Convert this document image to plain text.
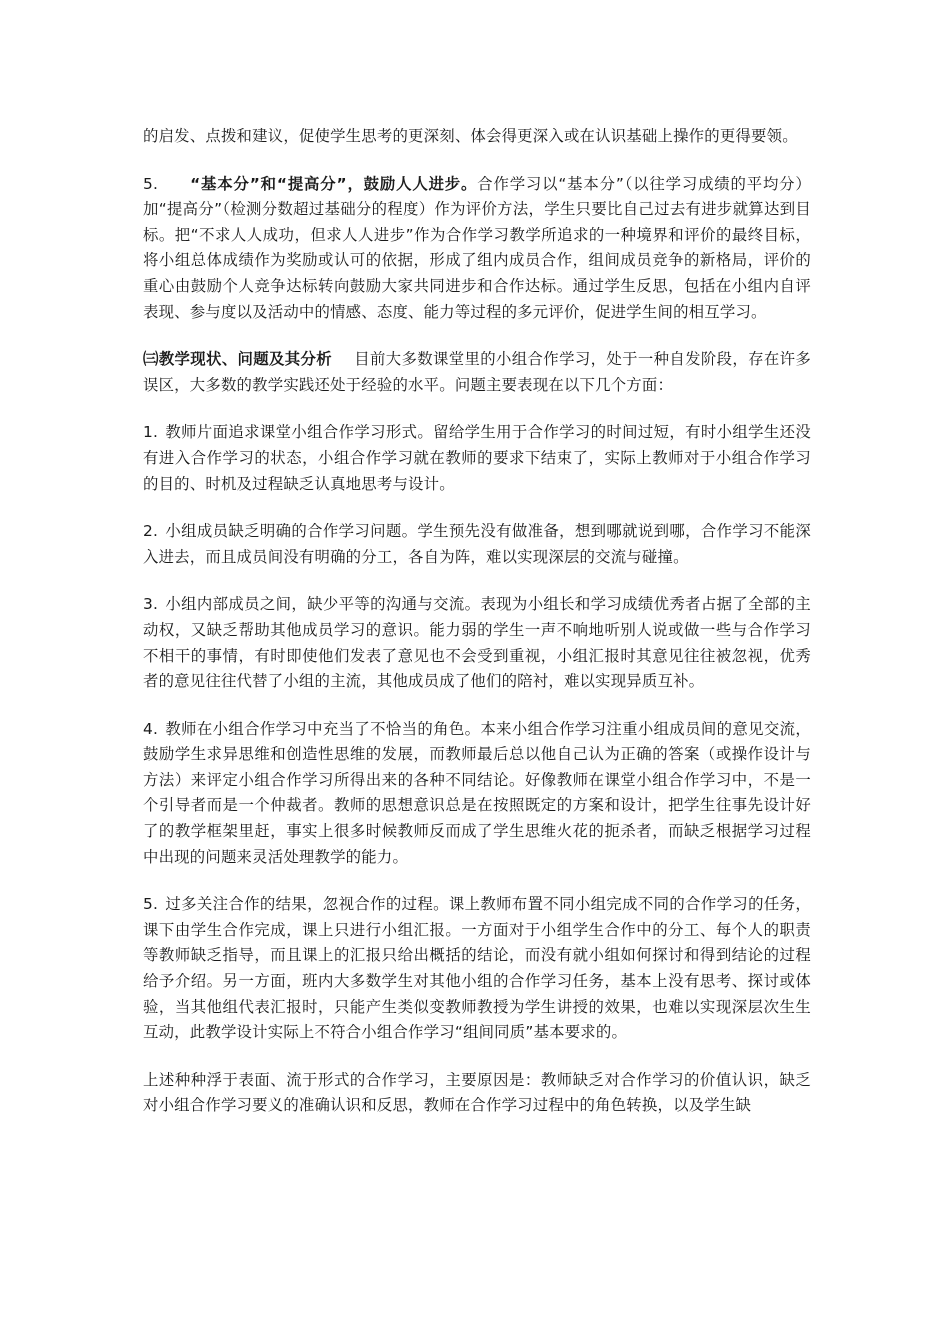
的启发、点拨和建议，促使学生思考的更深刻、体会得更深入或在认识基础上操作的更得要领。

5. “基本分”和“提高分”，鼓励人人进步。合作学习以“基本分”（以往学习成绩的平均分）加“提高分”（检测分数超过基础分的程度）作为评价方法，学生只要比自己过去有进步就算达到目标。把“不求人人成功，但求人人进步”作为合作学习教学所追求的一种境界和评价的最终目标，将小组总体成绩作为奖励或认可的依据，形成了组内成员合作，组间成员竞争的新格局，评价的重心由鼓励个人竞争达标转向鼓励大家共同进步和合作达标。通过学生反思，包括在小组内自评表现、参与度以及活动中的情感、态度、能力等过程的多元评价，促进学生间的相互学习。

㈢教学现状、问题及其分析 目前大多数课堂里的小组合作学习，处于一种自发阶段，存在许多误区，大多数的教学实践还处于经验的水平。问题主要表现在以下几个方面：

1. 教师片面追求课堂小组合作学习形式。留给学生用于合作学习的时间过短，有时小组学生还没有进入合作学习的状态，小组合作学习就在教师的要求下结束了，实际上教师对于小组合作学习的目的、时机及过程缺乏认真地思考与设计。

2. 小组成员缺乏明确的合作学习问题。学生预先没有做准备，想到哪就说到哪，合作学习不能深入进去，而且成员间没有明确的分工，各自为阵，难以实现深层的交流与碰撞。

3. 小组内部成员之间，缺少平等的沟通与交流。表现为小组长和学习成绩优秀者占据了全部的主动权，又缺乏帮助其他成员学习的意识。能力弱的学生一声不响地听别人说或做一些与合作学习不相干的事情，有时即使他们发表了意见也不会受到重视，小组汇报时其意见往往被忽视，优秀者的意见往往代替了小组的主流，其他成员成了他们的陪衬，难以实现异质互补。

4. 教师在小组合作学习中充当了不恰当的角色。本来小组合作学习注重小组成员间的意见交流，鼓励学生求异思维和创造性思维的发展，而教师最后总以他自己认为正确的答案（或操作设计与方法）来评定小组合作学习所得出来的各种不同结论。好像教师在课堂小组合作学习中，不是一个引导者而是一个仲裁者。教师的思想意识总是在按照既定的方案和设计，把学生往事先设计好了的教学框架里赶，事实上很多时候教师反而成了学生思维火花的扼杀者，而缺乏根据学习过程中出现的问题来灵活处理教学的能力。

5. 过多关注合作的结果，忽视合作的过程。课上教师布置不同小组完成不同的合作学习的任务，课下由学生合作完成，课上只进行小组汇报。一方面对于小组学生合作中的分工、每个人的职责等教师缺乏指导，而且课上的汇报只给出概括的结论，而没有就小组如何探讨和得到结论的过程给予介绍。另一方面，班内大多数学生对其他小组的合作学习任务，基本上没有思考、探讨或体验，当其他组代表汇报时，只能产生类似变教师教授为学生讲授的效果，也难以实现深层次生生互动，此教学设计实际上不符合小组合作学习“组间同质”基本要求的。

上述种种浮于表面、流于形式的合作学习，主要原因是：教师缺乏对合作学习的价值认识，缺乏对小组合作学习要义的准确认识和反思，教师在合作学习过程中的角色转换，以及学生缺
